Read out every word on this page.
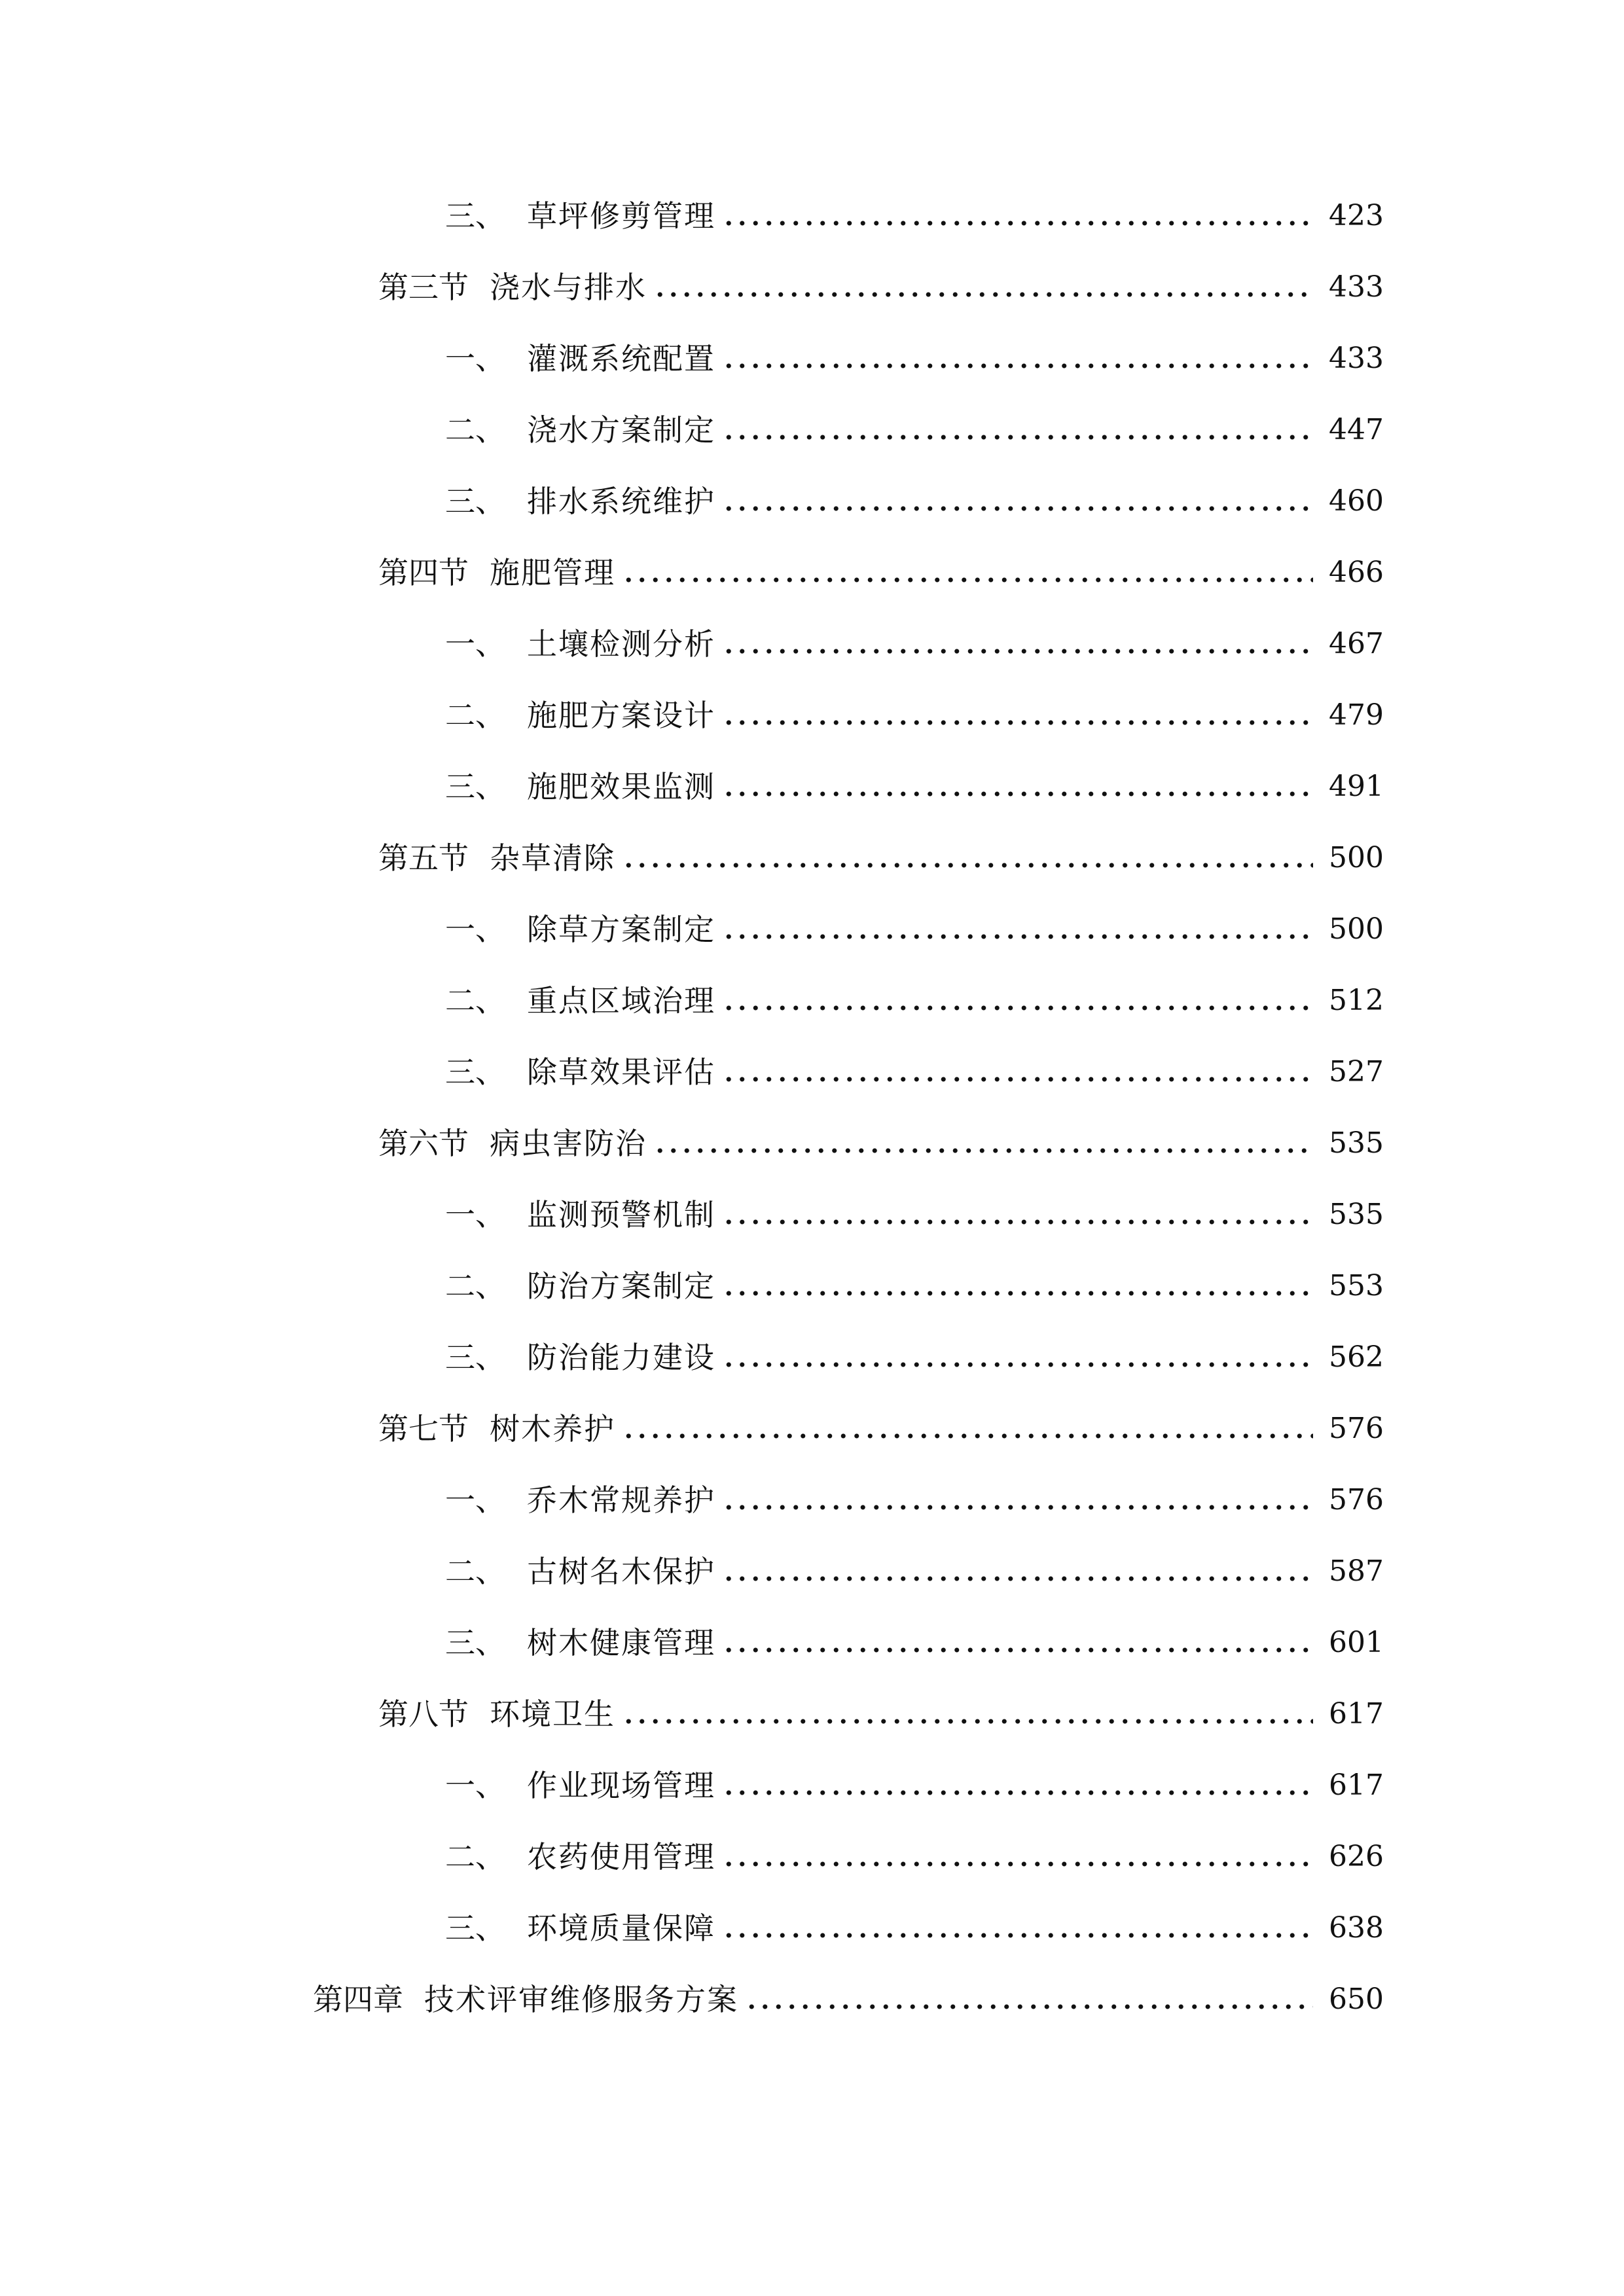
三、 草坪修剪管理	423
第三节 浇水与排水	433
一、 灌溉系统配置	433
二、 浇水方案制定	447
三、 排水系统维护	460
第四节 施肥管理	466
一、 土壤检测分析	467
二、 施肥方案设计	479
三、 施肥效果监测	491
第五节 杂草清除	500
一、 除草方案制定	500
二、 重点区域治理	512
三、 除草效果评估	527
第六节 病虫害防治	535
一、 监测预警机制	535
二、 防治方案制定	553
三、 防治能力建设	562
第七节 树木养护	576
一、 乔木常规养护	576
二、 古树名木保护	587
三、 树木健康管理	601
第八节 环境卫生	617
一、 作业现场管理	617
二、 农药使用管理	626
三、 环境质量保障	638
第四章 技术评审维修服务方案	650
